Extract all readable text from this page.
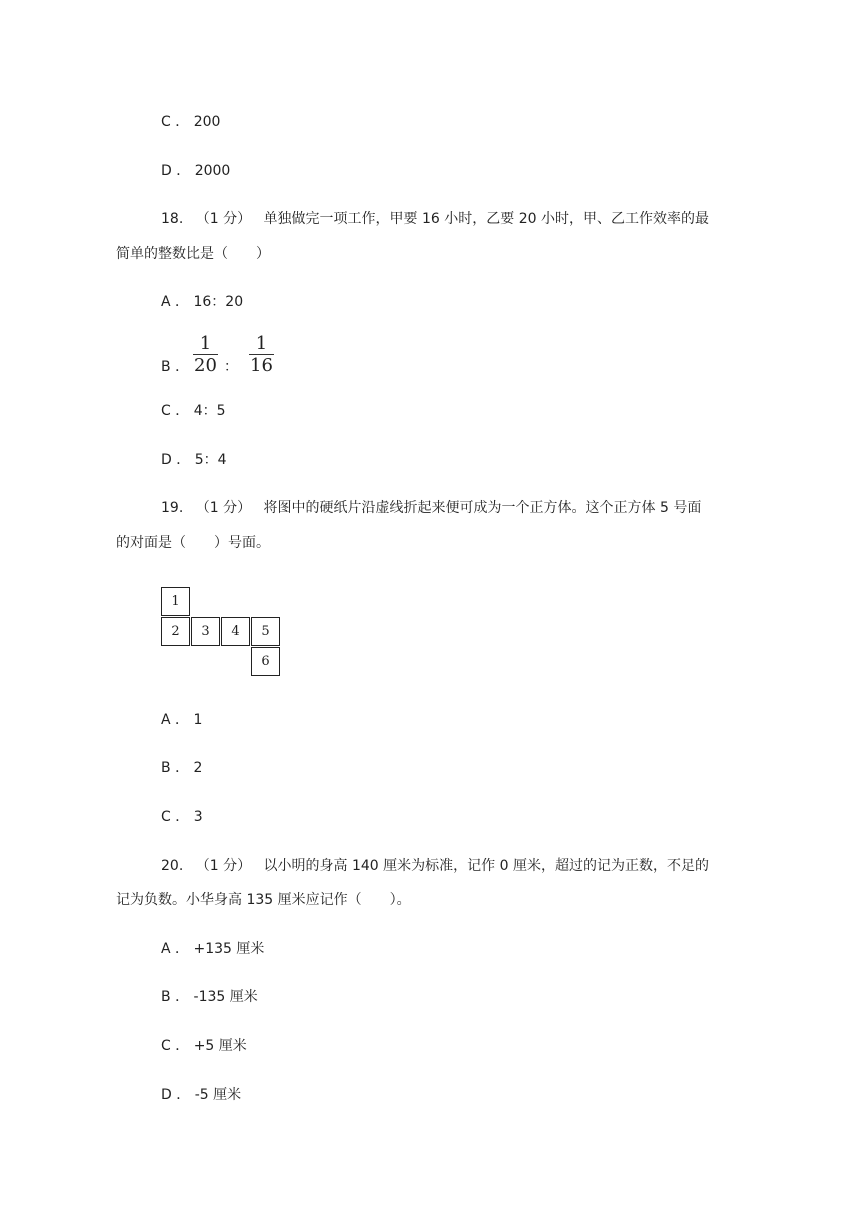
C ． 200
D ． 2000
18. （1 分） 单独做完一项工作，甲要 16 小时，乙要 20 小时，甲、乙工作效率的最
简单的整数比是（　　）
A ． 16：20
B ．
1
20 ：
1
16
C ． 4：5
D ． 5：4
19. （1 分） 将图中的硬纸片沿虚线折起来便可成为一个正方体。这个正方体 5 号面
的对面是（　　）号面。
1
2 3 4 5
6
A ． 1
B ． 2
C ． 3
20. （1 分） 以小明的身高 140 厘米为标准，记作 0 厘米，超过的记为正数，不足的
记为负数。小华身高 135 厘米应记作（　　）。
A ． +135 厘米
B ． -135 厘米
C ． +5 厘米
D ． -5 厘米
